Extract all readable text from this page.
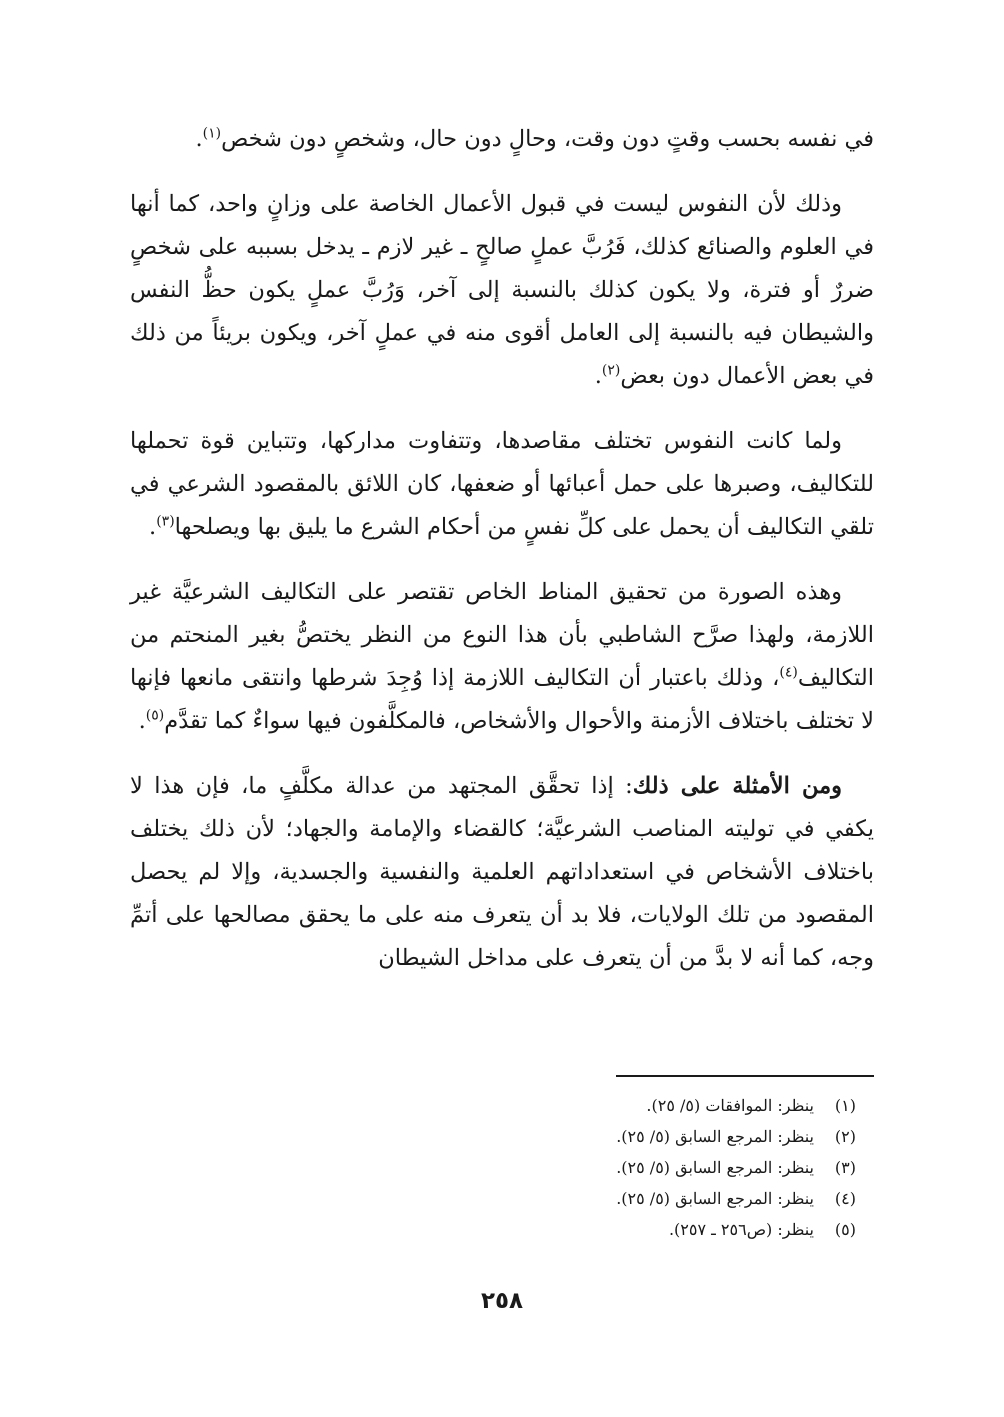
في نفسه بحسب وقتٍ دون وقت، وحالٍ دون حال، وشخصٍ دون شخص$^{(١)}$.

وذلك لأن النفوس ليست في قبول الأعمال الخاصة على وزانٍ واحد، كما أنها في العلوم والصنائع كذلك، فَرُبَّ عملٍ صالحٍ ـ غير لازم ـ يدخل بسببه على شخصٍ ضررٌ أو فترة، ولا يكون كذلك بالنسبة إلى آخر، وَرُبَّ عملٍ يكون حظُّ النفس والشيطان فيه بالنسبة إلى العامل أقوى منه في عملٍ آخر، ويكون بريئاً من ذلك في بعض الأعمال دون بعض$^{(٢)}$.

ولما كانت النفوس تختلف مقاصدها، وتتفاوت مداركها، وتتباين قوة تحملها للتكاليف، وصبرها على حمل أعبائها أو ضعفها، كان اللائق بالمقصود الشرعي في تلقي التكاليف أن يحمل على كلِّ نفسٍ من أحكام الشرع ما يليق بها ويصلحها$^{(٣)}$.

وهذه الصورة من تحقيق المناط الخاص تقتصر على التكاليف الشرعيَّة غير اللازمة، ولهذا صرَّح الشاطبي بأن هذا النوع من النظر يختصُّ بغير المنحتم من التكاليف$^{(٤)}$، وذلك باعتبار أن التكاليف اللازمة إذا وُجِدَ شرطها وانتقى مانعها فإنها لا تختلف باختلاف الأزمنة والأحوال والأشخاص، فالمكلَّفون فيها سواءٌ كما تقدَّم$^{(٥)}$.

ومن الأمثلة على ذلك: إذا تحقَّق المجتهد من عدالة مكلَّفٍ ما، فإن هذا لا يكفي في توليته المناصب الشرعيَّة؛ كالقضاء والإمامة والجهاد؛ لأن ذلك يختلف باختلاف الأشخاص في استعداداتهم العلمية والنفسية والجسدية، وإلا لم يحصل المقصود من تلك الولايات، فلا بد أن يتعرف منه على ما يحقق مصالحها على أتمِّ وجه، كما أنه لا بدَّ من أن يتعرف على مداخل الشيطان

(١)ينظر: الموافقات (٥/ ٢٥).
(٢)ينظر: المرجع السابق (٥/ ٢٥).
(٣)ينظر: المرجع السابق (٥/ ٢٥).
(٤)ينظر: المرجع السابق (٥/ ٢٥).
(٥)ينظر: (ص٢٥٦ ـ ٢٥٧).
٢٥٨
